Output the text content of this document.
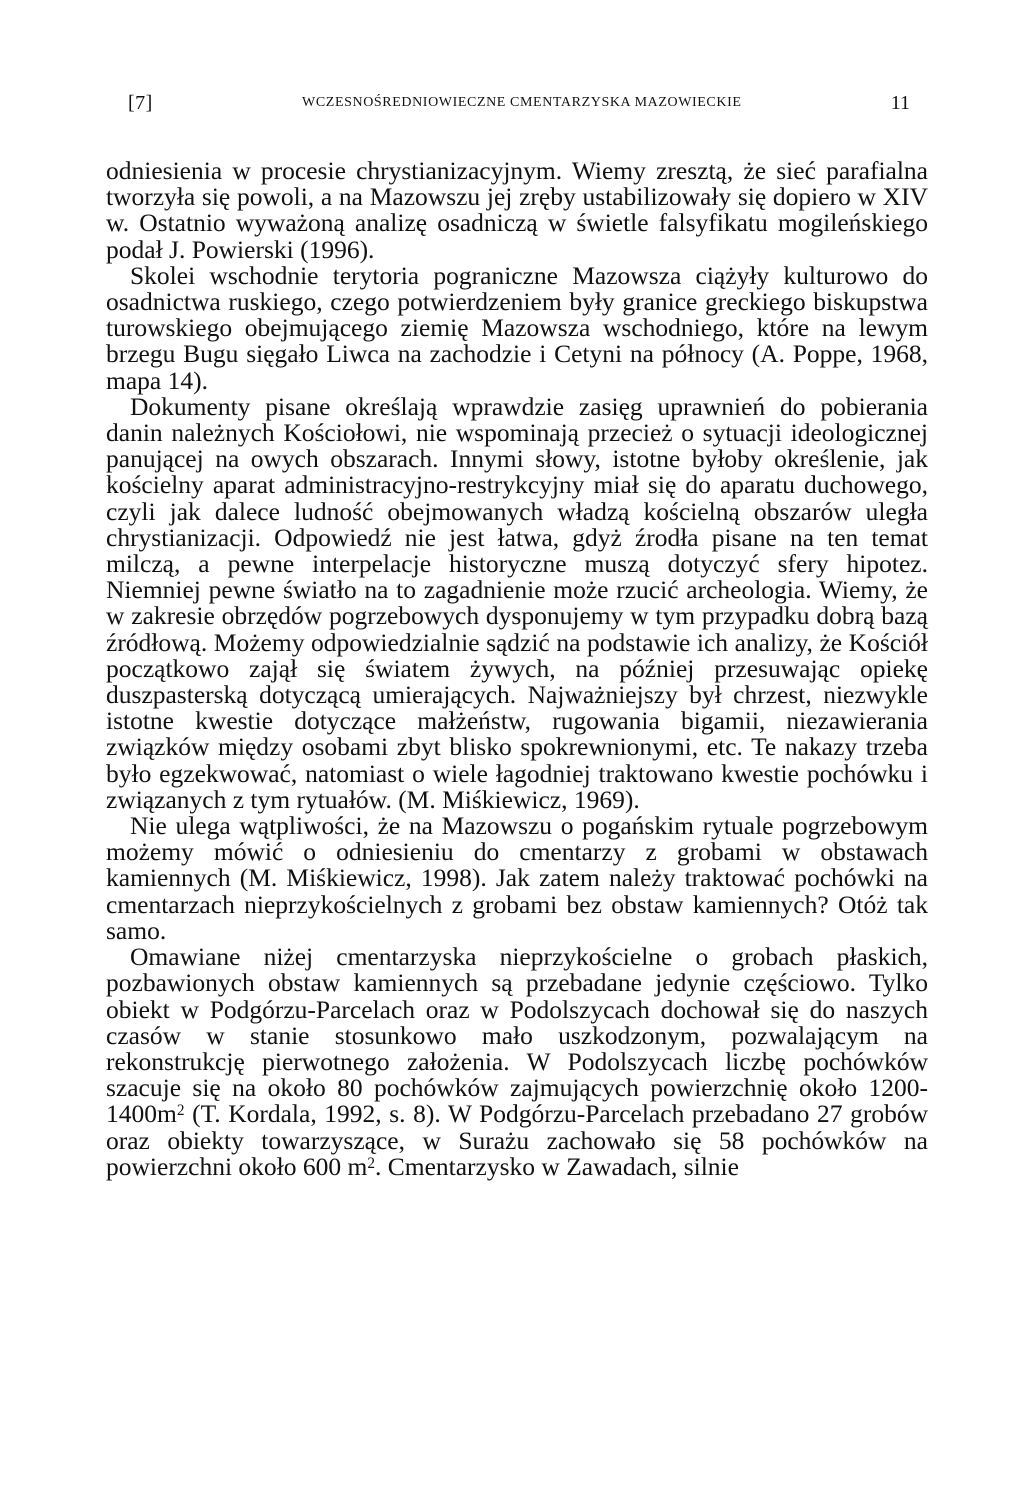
[7]	WCZESNOŚREDNIOWIECZNE CMENTARZYSKA MAZOWIECKIE	11

odniesienia w procesie chrystianizacyjnym. Wiemy zresztą, że sieć parafialna tworzyła się powoli, a na Mazowszu jej zręby ustabilizowały się dopiero w XIV w. Ostatnio wyważoną analizę osadniczą w świetle falsyfikatu mogileńskiego podał J. Powierski (1996).

Skolei wschodnie terytoria pograniczne Mazowsza ciążyły kulturowo do osadnictwa ruskiego, czego potwierdzeniem były granice greckiego biskupstwa turowskiego obejmującego ziemię Mazowsza wschodniego, które na lewym brzegu Bugu sięgało Liwca na zachodzie i Cetyni na północy (A. Poppe, 1968, mapa 14).

Dokumenty pisane określają wprawdzie zasięg uprawnień do pobierania danin należnych Kościołowi, nie wspominają przecież o sytuacji ideologicznej panującej na owych obszarach. Innymi słowy, istotne byłoby określenie, jak kościelny aparat administracyjno-restrykcyjny miał się do aparatu duchowego, czyli jak dalece ludność obejmowanych władzą kościelną obszarów uległa chrystianizacji. Odpowiedź nie jest łatwa, gdyż źrodła pisane na ten temat milczą, a pewne interpelacje historyczne muszą dotyczyć sfery hipotez. Niemniej pewne światło na to zagadnienie może rzucić archeologia. Wiemy, że w zakresie obrzędów pogrzebowych dysponujemy w tym przypadku dobrą bazą źródłową. Możemy odpowiedzialnie sądzić na podstawie ich analizy, że Kościół początkowo zajął się światem żywych, na później przesuwając opiekę duszpasterską dotyczącą umierających. Najważniejszy był chrzest, niezwykle istotne kwestie dotyczące małżeństw, rugowania bigamii, niezawierania związków między osobami zbyt blisko spokrewnionymi, etc. Te nakazy trzeba było egzekwować, natomiast o wiele łagodniej traktowano kwestie pochówku i związanych z tym rytuałów. (M. Miśkiewicz, 1969).

Nie ulega wątpliwości, że na Mazowszu o pogańskim rytuale pogrzebowym możemy mówić o odniesieniu do cmentarzy z grobami w obstawach kamiennych (M. Miśkiewicz, 1998). Jak zatem należy traktować pochówki na cmentarzach nieprzykościelnych z grobami bez obstaw kamiennych? Otóż tak samo.

Omawiane niżej cmentarzyska nieprzykościelne o grobach płaskich, pozbawionych obstaw kamiennych są przebadane jedynie częściowo. Tylko obiekt w Podgórzu-Parcelach oraz w Podolszycach dochował się do naszych czasów w stanie stosunkowo mało uszkodzonym, pozwalającym na rekonstrukcję pierwotnego założenia. W Podolszycach liczbę pochówków szacuje się na około 80 pochówków zajmujących powierzchnię około $1200-1400m^2$ (T. Kordala, 1992, s. 8). W Podgórzu-Parcelach przebadano 27 grobów oraz obiekty towarzyszące, w Surażu zachowało się 58 pochówków na powierzchni około 600 $m^2$. Cmentarzysko w Zawadach, silnie
